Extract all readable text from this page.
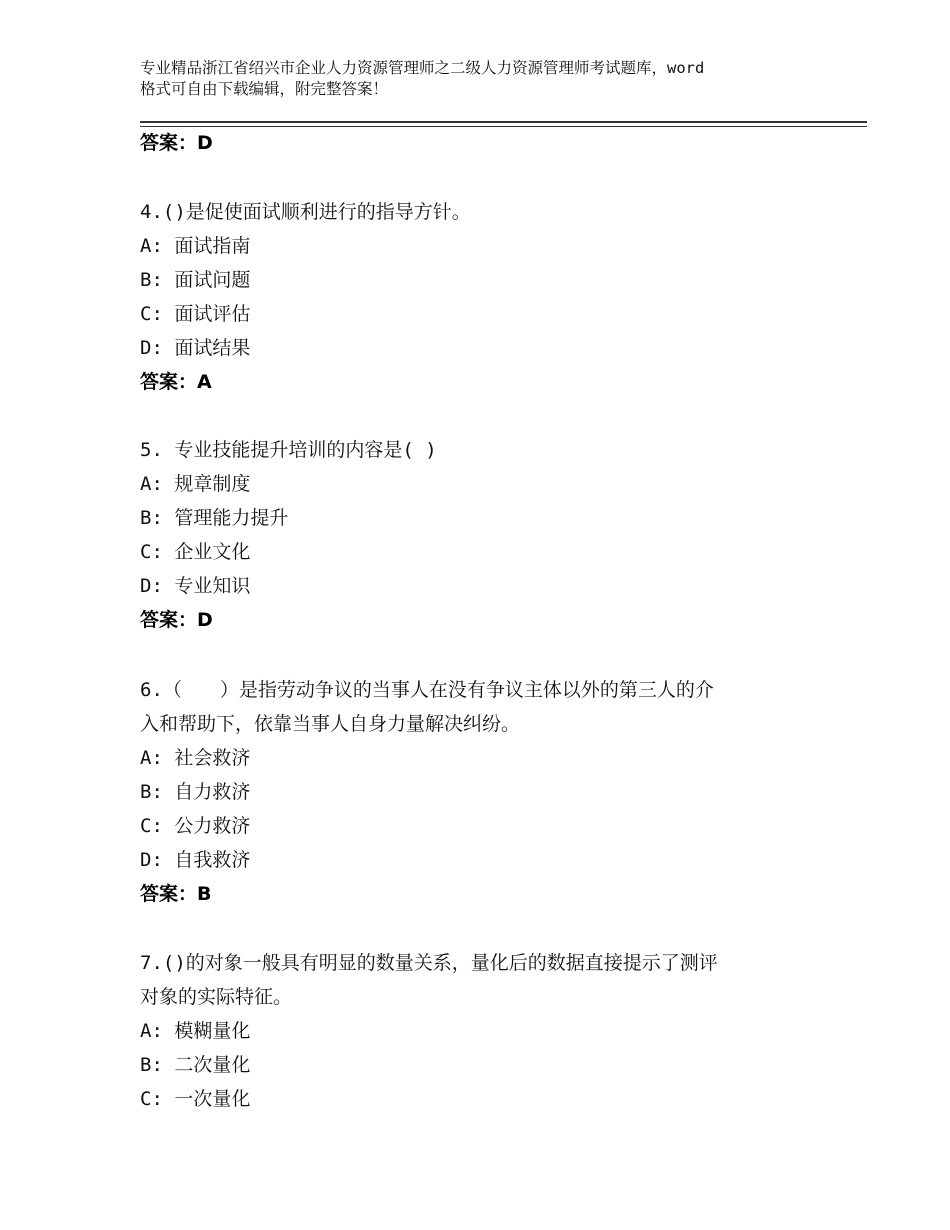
专业精品浙江省绍兴市企业人力资源管理师之二级人力资源管理师考试题库，word
格式可自由下载编辑，附完整答案！
答案：D
4.()是促使面试顺利进行的指导方针。
A: 面试指南
B: 面试问题
C: 面试评估
D: 面试结果
答案：A
5. 专业技能提升培训的内容是( )
A: 规章制度
B: 管理能力提升
C: 企业文化
D: 专业知识
答案：D
6.（　　）是指劳动争议的当事人在没有争议主体以外的第三人的介
入和帮助下，依靠当事人自身力量解决纠纷。
A: 社会救济
B: 自力救济
C: 公力救济
D: 自我救济
答案：B
7.()的对象一般具有明显的数量关系，量化后的数据直接提示了测评
对象的实际特征。
A: 模糊量化
B: 二次量化
C: 一次量化
